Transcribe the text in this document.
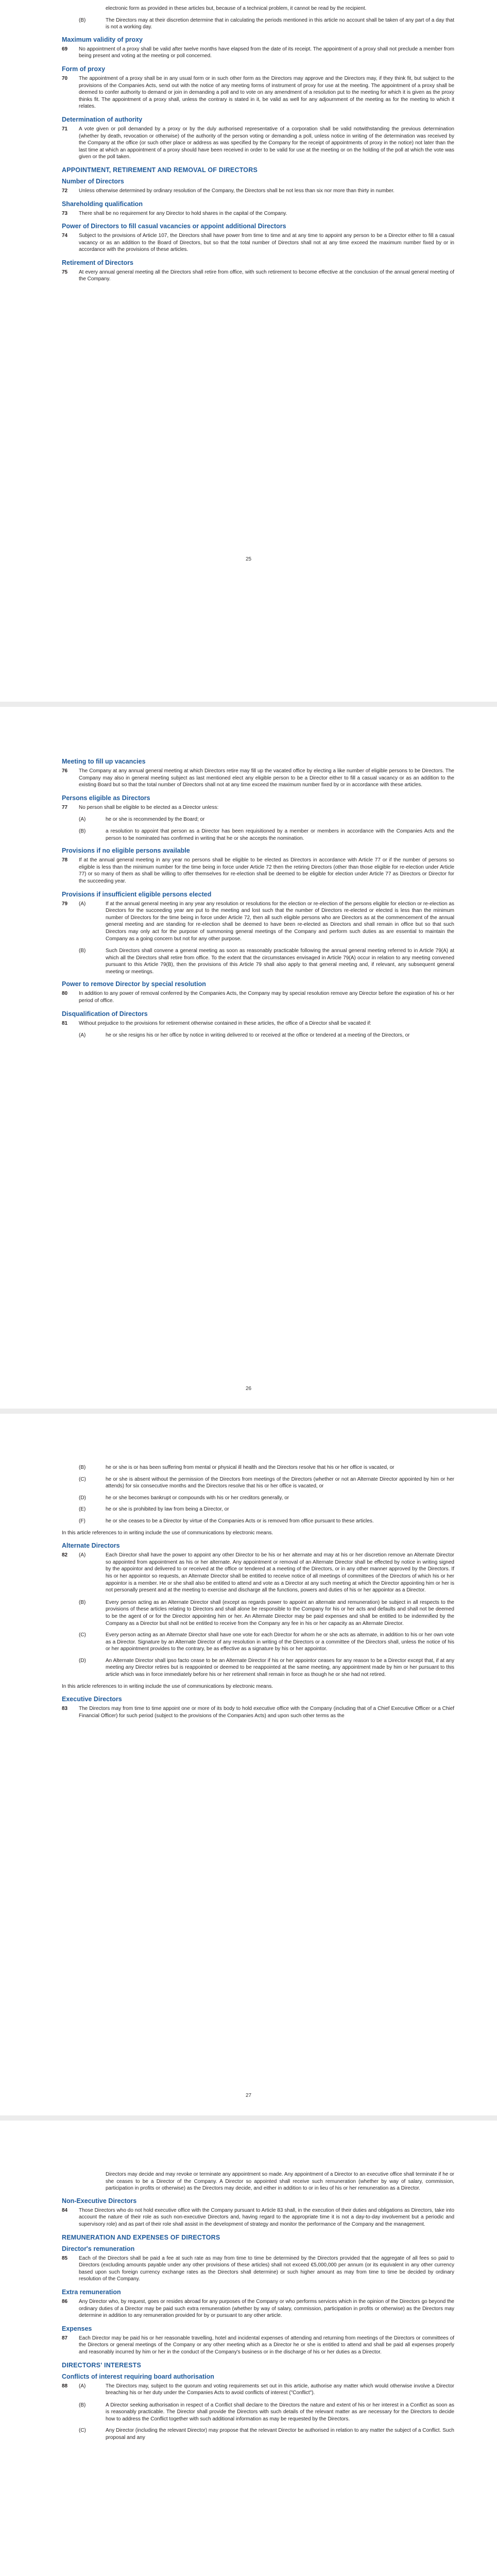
electronic form as provided in these articles but, because of a technical problem, it cannot be read by the recipient.
(B)	The Directors may at their discretion determine that in calculating the periods mentioned in this article no account shall be taken of any part of a day that is not a working day.
Maximum validity of proxy
69	No appointment of a proxy shall be valid after twelve months have elapsed from the date of its receipt. The appointment of a proxy shall not preclude a member from being present and voting at the meeting or poll concerned.
Form of proxy
70	The appointment of a proxy shall be in any usual form or in such other form as the Directors may approve and the Directors may, if they think fit, but subject to the provisions of the Companies Acts, send out with the notice of any meeting forms of instrument of proxy for use at the meeting. The appointment of a proxy shall be deemed to confer authority to demand or join in demanding a poll and to vote on any amendment of a resolution put to the meeting for which it is given as the proxy thinks fit. The appointment of a proxy shall, unless the contrary is stated in it, be valid as well for any adjournment of the meeting as for the meeting to which it relates.
Determination of authority
71	A vote given or poll demanded by a proxy or by the duly authorised representative of a corporation shall be valid notwithstanding the previous determination (whether by death, revocation or otherwise) of the authority of the person voting or demanding a poll, unless notice in writing of the determination was received by the Company at the office (or such other place or address as was specified by the Company for the receipt of appointments of proxy in the notice) not later than the last time at which an appointment of a proxy should have been received in order to be valid for use at the meeting or on the holding of the poll at which the vote was given or the poll taken.
APPOINTMENT, RETIREMENT AND REMOVAL OF DIRECTORS
Number of Directors
72	Unless otherwise determined by ordinary resolution of the Company, the Directors shall be not less than six nor more than thirty in number.
Shareholding qualification
73	There shall be no requirement for any Director to hold shares in the capital of the Company.
Power of Directors to fill casual vacancies or appoint additional Directors
74	Subject to the provisions of Article 107, the Directors shall have power from time to time and at any time to appoint any person to be a Director either to fill a casual vacancy or as an addition to the Board of Directors, but so that the total number of Directors shall not at any time exceed the maximum number fixed by or in accordance with the provisions of these articles.
Retirement of Directors
75	At every annual general meeting all the Directors shall retire from office, with such retirement to become effective at the conclusion of the annual general meeting of the Company.
25
Meeting to fill up vacancies
76	The Company at any annual general meeting at which Directors retire may fill up the vacated office by electing a like number of eligible persons to be Directors. The Company may also in general meeting subject as last mentioned elect any eligible person to be a Director either to fill a casual vacancy or as an addition to the existing Board but so that the total number of Directors shall not at any time exceed the maximum number fixed by or in accordance with these articles.
Persons eligible as Directors
77	No person shall be eligible to be elected as a Director unless:
(A)	he or she is recommended by the Board; or
(B)	a resolution to appoint that person as a Director has been requisitioned by a member or members in accordance with the Companies Acts and the person to be nominated has confirmed in writing that he or she accepts the nomination.
Provisions if no eligible persons available
78	If at the annual general meeting in any year no persons shall be eligible to be elected as Directors in accordance with Article 77 or if the number of persons so eligible is less than the minimum number for the time being in force under Article 72 then the retiring Directors (other than those eligible for re-election under Article 77) or so many of them as shall be willing to offer themselves for re-election shall be deemed to be eligible for election under Article 77 as Directors or Director for the succeeding year.
Provisions if insufficient eligible persons elected
79	(A)	If at the annual general meeting in any year any resolution or resolutions for the election or re-election of the persons eligible for election or re-election as Directors for the succeeding year are put to the meeting and lost such that the number of Directors re-elected or elected is less than the minimum number of Directors for the time being in force under Article 72, then all such eligible persons who are Directors as at the commencement of the annual general meeting and are standing for re-election shall be deemed to have been re-elected as Directors and shall remain in office but so that such Directors may only act for the purpose of summoning general meetings of the Company and perform such duties as are essential to maintain the Company as a going concern but not for any other purpose.
(B)	Such Directors shall convene a general meeting as soon as reasonably practicable following the annual general meeting referred to in Article 79(A) at which all the Directors shall retire from office. To the extent that the circumstances envisaged in Article 79(A) occur in relation to any meeting convened pursuant to this Article 79(B), then the provisions of this Article 79 shall also apply to that general meeting and, if relevant, any subsequent general meeting or meetings.
Power to remove Director by special resolution
80	In addition to any power of removal conferred by the Companies Acts, the Company may by special resolution remove any Director before the expiration of his or her period of office.
Disqualification of Directors
81	Without prejudice to the provisions for retirement otherwise contained in these articles, the office of a Director shall be vacated if:
(A)	he or she resigns his or her office by notice in writing delivered to or received at the office or tendered at a meeting of the Directors, or
26
(B)	he or she is or has been suffering from mental or physical ill health and the Directors resolve that his or her office is vacated, or
(C)	he or she is absent without the permission of the Directors from meetings of the Directors (whether or not an Alternate Director appointed by him or her attends) for six consecutive months and the Directors resolve that his or her office is vacated, or
(D)	he or she becomes bankrupt or compounds with his or her creditors generally, or
(E)	he or she is prohibited by law from being a Director, or
(F)	he or she ceases to be a Director by virtue of the Companies Acts or is removed from office pursuant to these articles.
In this article references to in writing include the use of communications by electronic means.
Alternate Directors
82	(A)	Each Director shall have the power to appoint any other Director to be his or her alternate and may at his or her discretion remove an Alternate Director so appointed from appointment as his or her alternate. Any appointment or removal of an Alternate Director shall be effected by notice in writing signed by the appointor and delivered to or received at the office or tendered at a meeting of the Directors, or in any other manner approved by the Directors. If his or her appointor so requests, an Alternate Director shall be entitled to receive notice of all meetings of committees of the Directors of which his or her appointor is a member. He or she shall also be entitled to attend and vote as a Director at any such meeting at which the Director appointing him or her is not personally present and at the meeting to exercise and discharge all the functions, powers and duties of his or her appointor as a Director.
(B)	Every person acting as an Alternate Director shall (except as regards power to appoint an alternate and remuneration) be subject in all respects to the provisions of these articles relating to Directors and shall alone be responsible to the Company for his or her acts and defaults and shall not be deemed to be the agent of or for the Director appointing him or her. An Alternate Director may be paid expenses and shall be entitled to be indemnified by the Company as a Director but shall not be entitled to receive from the Company any fee in his or her capacity as an Alternate Director.
(C)	Every person acting as an Alternate Director shall have one vote for each Director for whom he or she acts as alternate, in addition to his or her own vote as a Director. Signature by an Alternate Director of any resolution in writing of the Directors or a committee of the Directors shall, unless the notice of his or her appointment provides to the contrary, be as effective as a signature by his or her appointor.
(D)	An Alternate Director shall ipso facto cease to be an Alternate Director if his or her appointor ceases for any reason to be a Director except that, if at any meeting any Director retires but is reappointed or deemed to be reappointed at the same meeting, any appointment made by him or her pursuant to this article which was in force immediately before his or her retirement shall remain in force as though he or she had not retired.
In this article references to in writing include the use of communications by electronic means.
Executive Directors
83	The Directors may from time to time appoint one or more of its body to hold executive office with the Company (including that of a Chief Executive Officer or a Chief Financial Officer) for such period (subject to the provisions of the Companies Acts) and upon such other terms as the
27
Directors may decide and may revoke or terminate any appointment so made. Any appointment of a Director to an executive office shall terminate if he or she ceases to be a Director of the Company. A Director so appointed shall receive such remuneration (whether by way of salary, commission, participation in profits or otherwise) as the Directors may decide, and either in addition to or in lieu of his or her remuneration as a Director.
Non-Executive Directors
84	Those Directors who do not hold executive office with the Company pursuant to Article 83 shall, in the execution of their duties and obligations as Directors, take into account the nature of their role as such non-executive Directors and, having regard to the appropriate time it is not a day-to-day involvement but a periodic and supervisory role) and as part of their role shall assist in the development of strategy and monitor the performance of the Company and the management.
REMUNERATION AND EXPENSES OF DIRECTORS
Director's remuneration
85	Each of the Directors shall be paid a fee at such rate as may from time to time be determined by the Directors provided that the aggregate of all fees so paid to Directors (excluding amounts payable under any other provisions of these articles) shall not exceed €5,000,000 per annum (or its equivalent in any other currency based upon such foreign currency exchange rates as the Directors shall determine) or such higher amount as may from time to time be decided by ordinary resolution of the Company.
Extra remuneration
86	Any Director who, by request, goes or resides abroad for any purposes of the Company or who performs services which in the opinion of the Directors go beyond the ordinary duties of a Director may be paid such extra remuneration (whether by way of salary, commission, participation in profits or otherwise) as the Directors may determine in addition to any remuneration provided for by or pursuant to any other article.
Expenses
87	Each Director may be paid his or her reasonable travelling, hotel and incidental expenses of attending and returning from meetings of the Directors or committees of the Directors or general meetings of the Company or any other meeting which as a Director he or she is entitled to attend and shall be paid all expenses properly and reasonably incurred by him or her in the conduct of the Company's business or in the discharge of his or her duties as a Director.
DIRECTORS' INTERESTS
Conflicts of interest requiring board authorisation
88	(A)	The Directors may, subject to the quorum and voting requirements set out in this article, authorise any matter which would otherwise involve a Director breaching his or her duty under the Companies Acts to avoid conflicts of interest ("Conflict").
(B)	A Director seeking authorisation in respect of a Conflict shall declare to the Directors the nature and extent of his or her interest in a Conflict as soon as is reasonably practicable. The Director shall provide the Directors with such details of the relevant matter as are necessary for the Directors to decide how to address the Conflict together with such additional information as may be requested by the Directors.
(C)	Any Director (including the relevant Director) may propose that the relevant Director be authorised in relation to any matter the subject of a Conflict. Such proposal and any
